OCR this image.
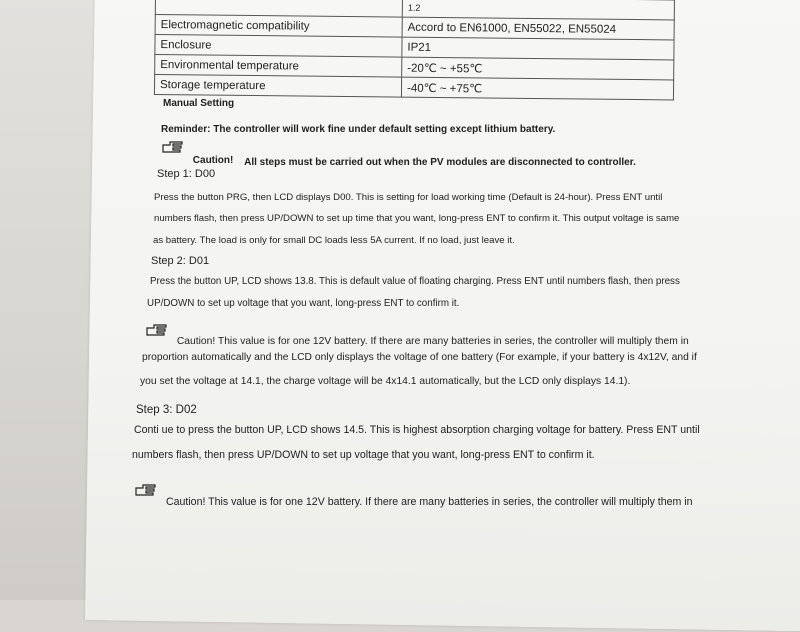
	1.2
Electromagnetic compatibility	Accord to EN61000, EN55022, EN55024
Enclosure	IP21
Environmental temperature	-20℃ ~ +55℃
Storage temperature	-40℃ ~ +75℃
Manual Setting
Reminder: The controller will work fine under default setting except lithium battery.
Caution! All steps must be carried out when the PV modules are disconnected to controller.
Step 1: D00
Press the button PRG, then LCD displays D00. This is setting for load working time (Default is 24-hour). Press ENT until
numbers flash, then press UP/DOWN to set up time that you want, long-press ENT to confirm it. This output voltage is same
as battery. The load is only for small DC loads less 5A current. If no load, just leave it.
Step 2: D01
Press the button UP, LCD shows 13.8. This is default value of floating charging. Press ENT until numbers flash, then press
UP/DOWN to set up voltage that you want, long-press ENT to confirm it.
Caution! This value is for one 12V battery. If there are many batteries in series, the controller will multiply them in
proportion automatically and the LCD only displays the voltage of one battery (For example, if your battery is 4x12V, and if
you set the voltage at 14.1, the charge voltage will be 4x14.1 automatically, but the LCD only displays 14.1).
Step 3: D02
Conti ue to press the button UP, LCD shows 14.5. This is highest absorption charging voltage for battery. Press ENT until
numbers flash, then press UP/DOWN to set up voltage that you want, long-press ENT to confirm it.
Caution! This value is for one 12V battery. If there are many batteries in series, the controller will multiply them in
